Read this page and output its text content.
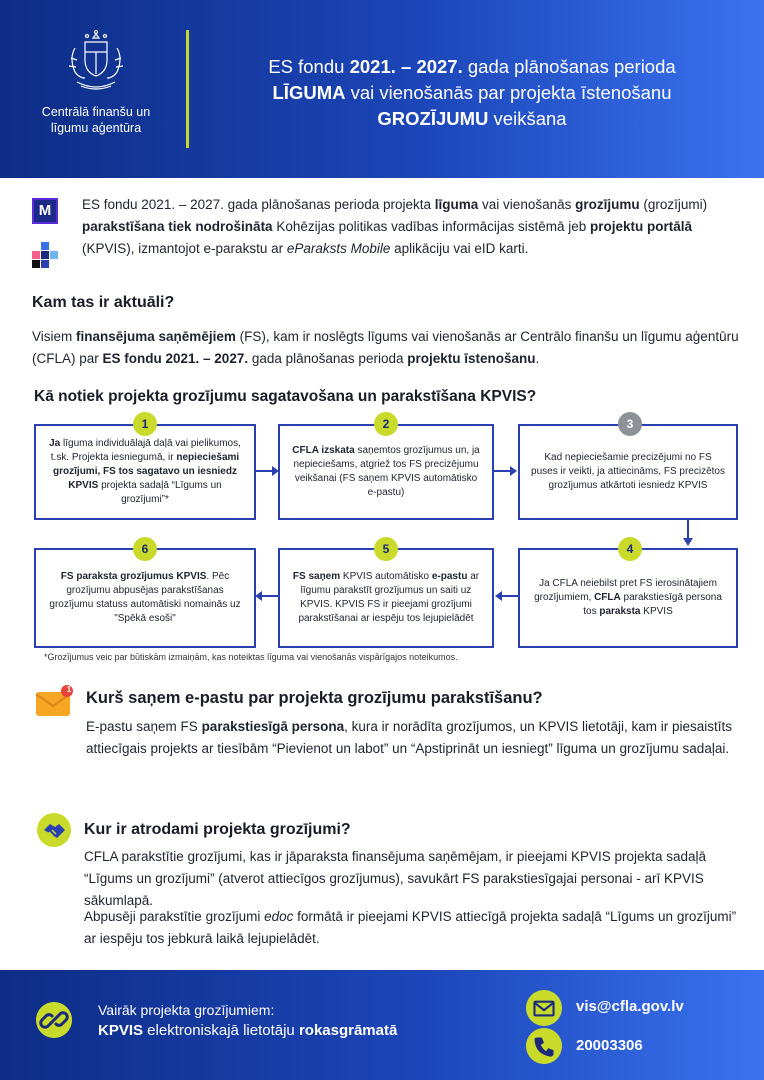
Centrālā finanšu un
līgumu aģentūra
ES fondu 2021. – 2027. gada plānošanas perioda
LĪGUMA vai vienošanās par projekta īstenošanu
GROZĪJUMU veikšana
M	ES fondu 2021. – 2027. gada plānošanas perioda projekta līguma vai vienošanās grozījumu (grozījumi) parakstīšana tiek nodrošināta Kohēzijas politikas vadības informācijas sistēmā jeb projektu portālā (KPVIS), izmantojot e-parakstu ar eParaksts Mobile aplikāciju vai eID karti.
Kam tas ir aktuāli?
Visiem finansējuma saņēmējiem (FS), kam ir noslēgts līgums vai vienošanās ar Centrālo finanšu un līgumu aģentūru (CFLA) par ES fondu 2021. – 2027. gada plānošanas perioda projektu īstenošanu.
Kā notiek projekta grozījumu sagatavošana un parakstīšana KPVIS?
Ja līguma individuālajā daļā vai pielikumos, t.sk. Projekta iesniegumā, ir nepieciešami grozījumi, FS tos sagatavo un iesniedz KPVIS projekta sadaļā “Līgums un grozījumi”*
1
CFLA izskata saņemtos grozījumus un, ja nepieciešams, atgriež tos FS precizējumu veikšanai (FS saņem KPVIS automātisko e-pastu)
2
Kad nepieciešamie precizējumi no FS puses ir veikti, ja attiecināms, FS precizētos grozījumus atkārtoti iesniedz KPVIS
3
Ja CFLA neiebilst pret FS ierosinātajiem grozījumiem, CFLA parakstiesīgā persona tos paraksta KPVIS
4
FS saņem KPVIS automātisko e-pastu ar līgumu parakstīt grozījumus un saiti uz KPVIS. KPVIS FS ir pieejami grozījumi parakstīšanai ar iespēju tos lejupielādēt
5
FS paraksta grozījumus KPVIS. Pēc grozījumu abpusējas parakstīšanas grozījumu statuss automātiski nomainās uz "Spēkā esoši"
6
*Grozījumus veic par būtiskām izmaiņām, kas noteiktas līguma vai vienošanās vispārīgajos noteikumos.
1 Kurš saņem e-pastu par projekta grozījumu parakstīšanu?
E-pastu saņem FS parakstiesīgā persona, kura ir norādīta grozījumos, un KPVIS lietotāji, kam ir piesaistīts attiecīgais projekts ar tiesībām “Pievienot un labot” un “Apstiprināt un iesniegt” līguma un grozījumu sadaļai.
Kur ir atrodami projekta grozījumi?
CFLA parakstītie grozījumi, kas ir jāparaksta finansējuma saņēmējam, ir pieejami KPVIS projekta sadaļā “Līgums un grozījumi” (atverot attiecīgos grozījumus), savukārt FS parakstiesīgajai personai - arī KPVIS sākumlapā.
Abpusēji parakstītie grozījumi edoc formātā ir pieejami KPVIS attiecīgā projekta sadaļā “Līgums un grozījumi” ar iespēju tos jebkurā laikā lejupielādēt.
Vairāk projekta grozījumiem:
KPVIS elektroniskajā lietotāju rokasgrāmatā
vis@cfla.gov.lv
20003306
